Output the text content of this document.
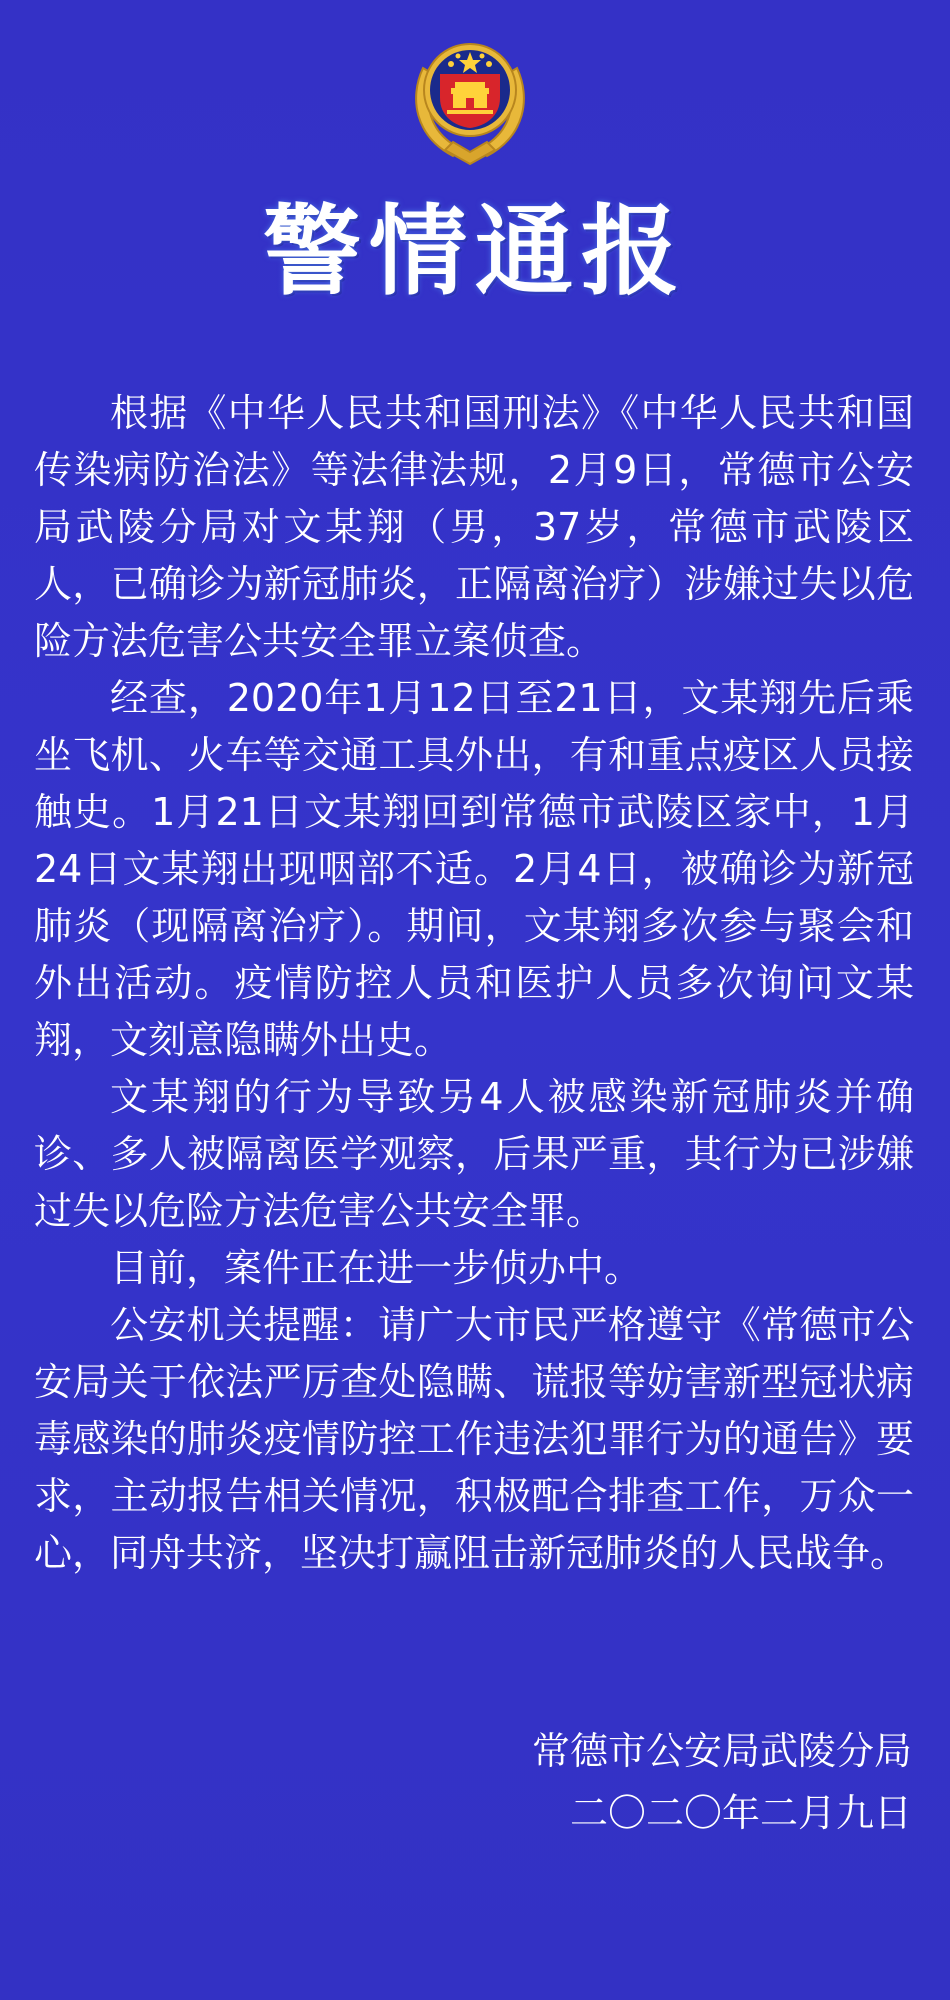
警情通报

根据《中华人民共和国刑法》《中华人民共和国传染病防治法》等法律法规，2月9日，常德市公安局武陵分局对文某翔（男，37岁，常德市武陵区人，已确诊为新冠肺炎，正隔离治疗）涉嫌过失以危险方法危害公共安全罪立案侦查。

经查，2020年1月12日至21日，文某翔先后乘坐飞机、火车等交通工具外出，有和重点疫区人员接触史。1月21日文某翔回到常德市武陵区家中，1月24日文某翔出现咽部不适。2月4日，被确诊为新冠肺炎（现隔离治疗）。期间，文某翔多次参与聚会和外出活动。疫情防控人员和医护人员多次询问文某翔，文刻意隐瞒外出史。

文某翔的行为导致另4人被感染新冠肺炎并确诊、多人被隔离医学观察，后果严重，其行为已涉嫌过失以危险方法危害公共安全罪。

目前，案件正在进一步侦办中。

公安机关提醒：请广大市民严格遵守《常德市公安局关于依法严厉查处隐瞒、谎报等妨害新型冠状病毒感染的肺炎疫情防控工作违法犯罪行为的通告》要求，主动报告相关情况，积极配合排查工作，万众一心，同舟共济，坚决打赢阻击新冠肺炎的人民战争。

常德市公安局武陵分局
二〇二〇年二月九日
